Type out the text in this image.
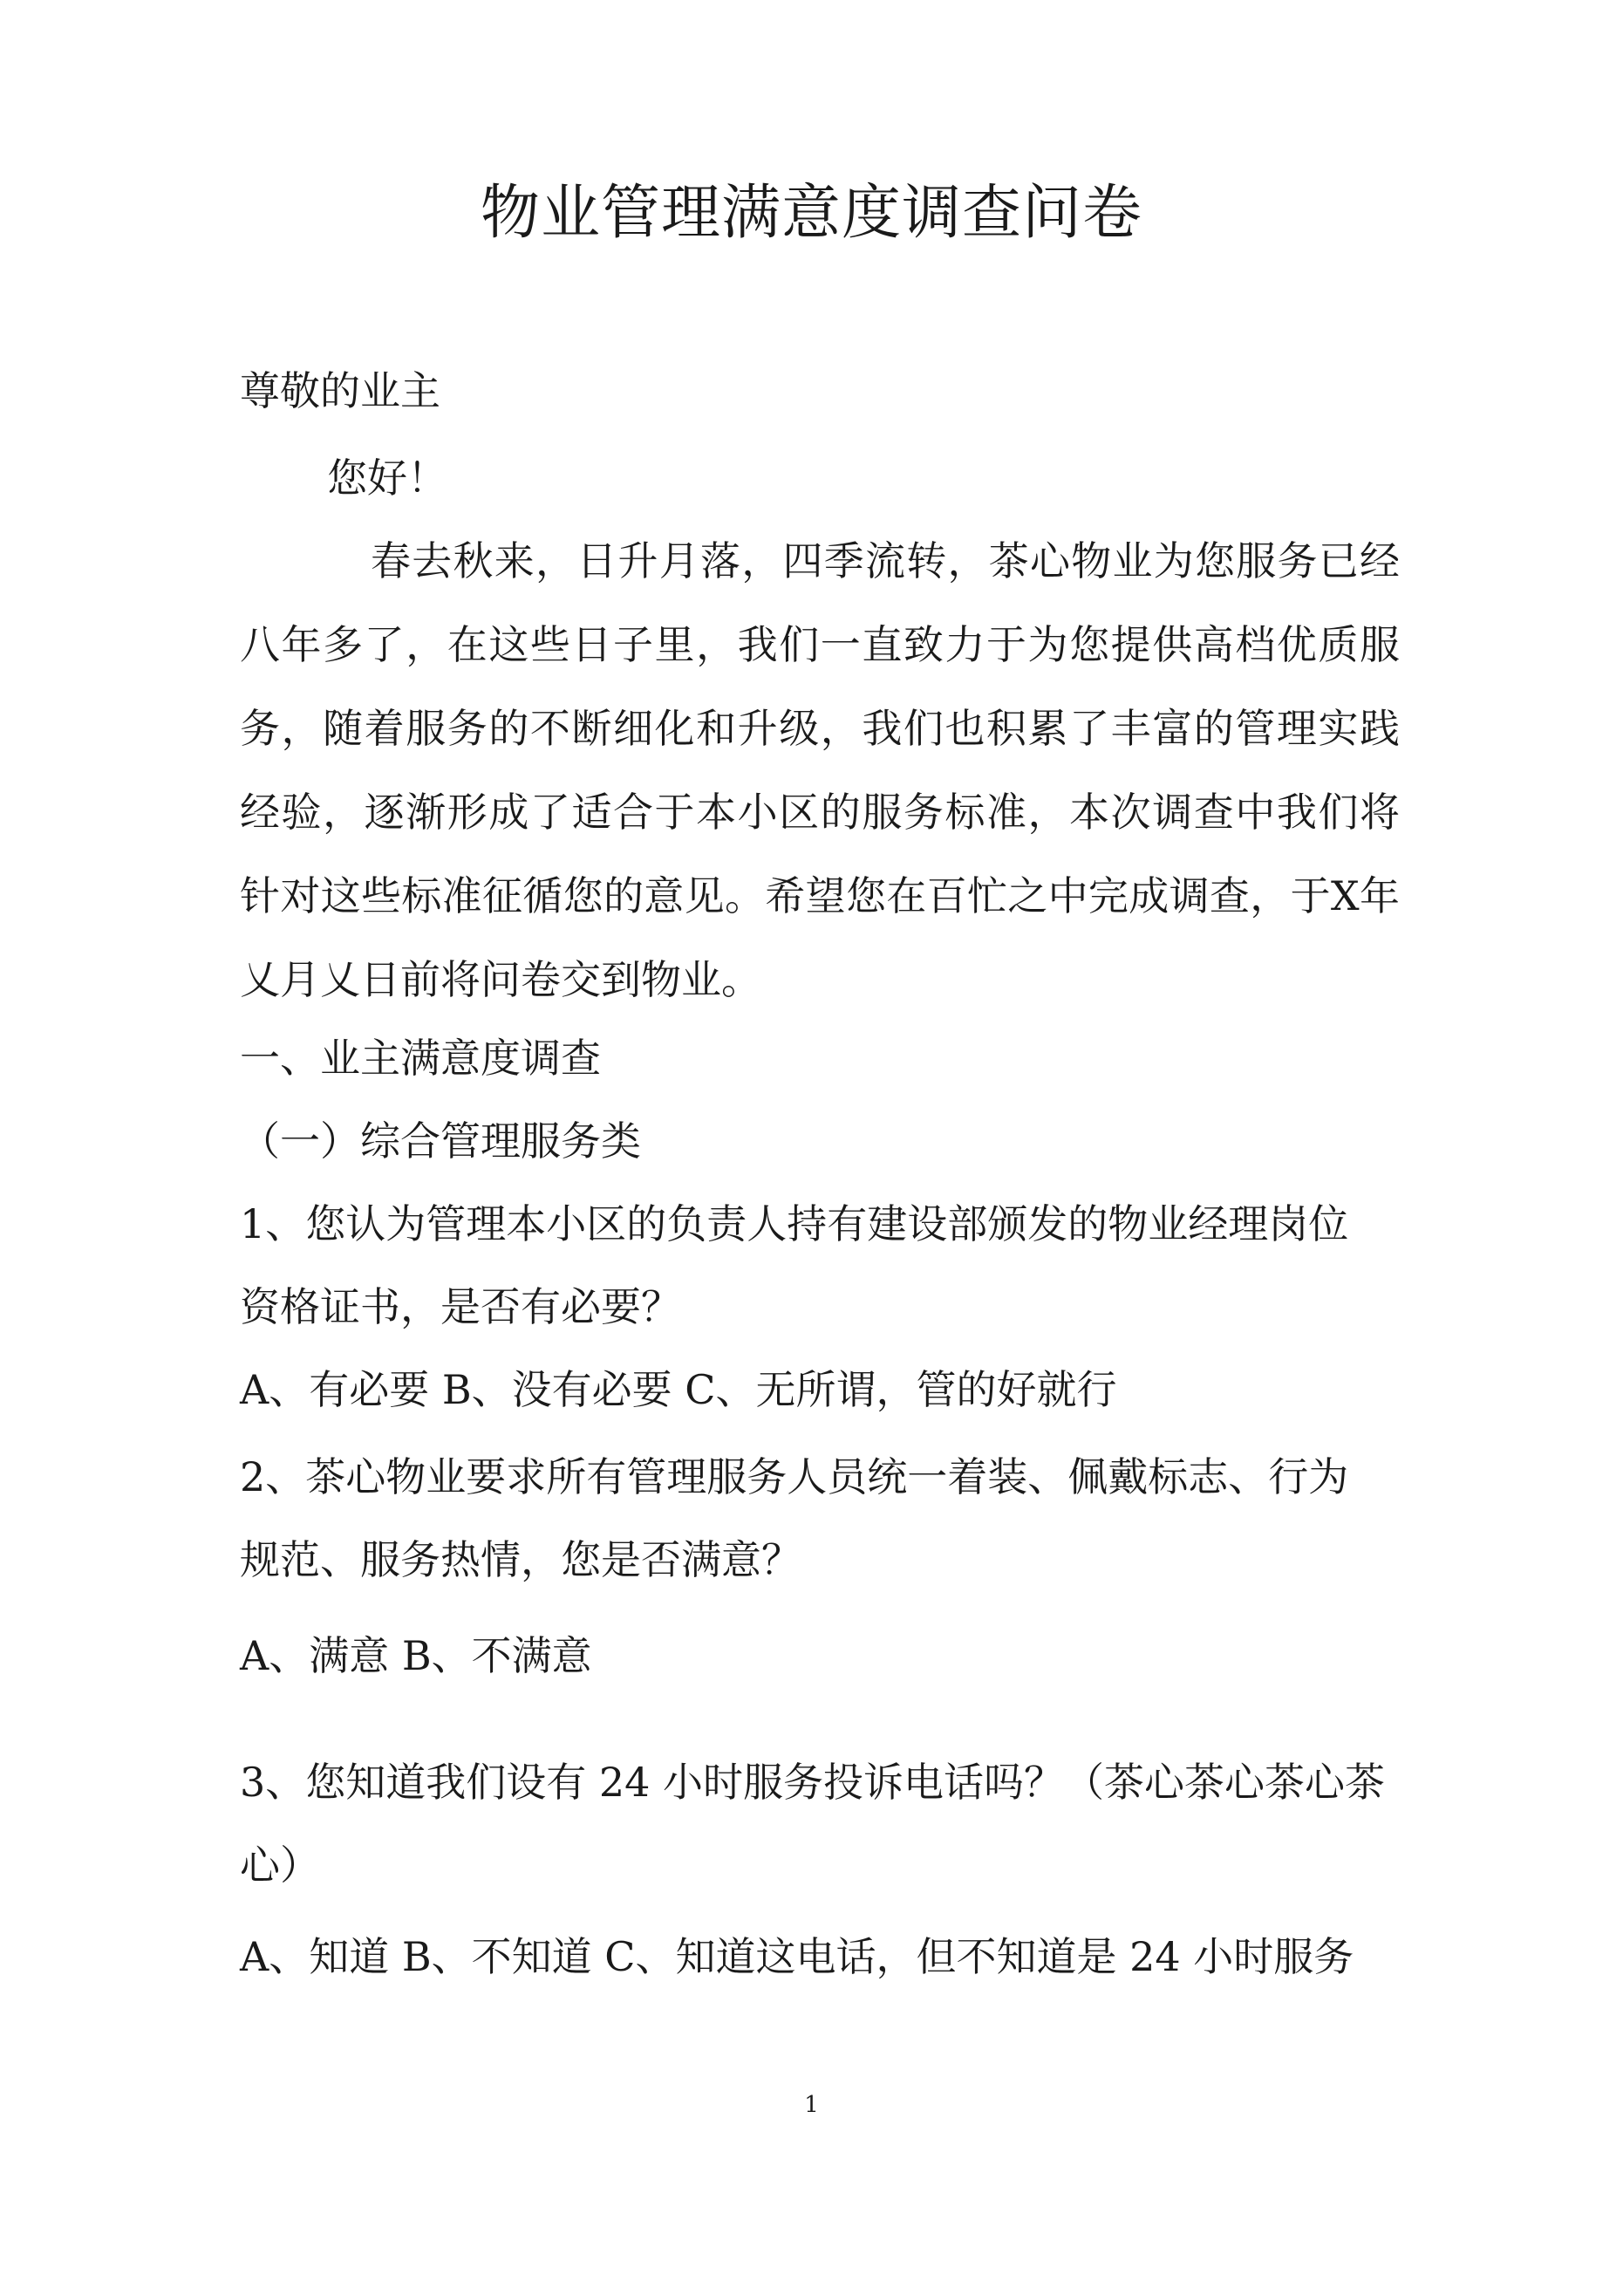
物业管理满意度调查问卷
尊敬的业主
您好！
春去秋来，日升月落，四季流转，茶心物业为您服务已经八年多了，在这些日子里，我们一直致力于为您提供高档优质服务，随着服务的不断细化和升级，我们也积累了丰富的管理实践经验，逐渐形成了适合于本小区的服务标准，本次调查中我们将针对这些标准征循您的意见。希望您在百忙之中完成调查，于X年乂月乂日前将问卷交到物业。
一、业主满意度调查
（一）综合管理服务类
1、您认为管理本小区的负责人持有建设部颁发的物业经理岗位
资格证书，是否有必要？
A、有必要 B、没有必要 C、无所谓，管的好就行
2、茶心物业要求所有管理服务人员统一着装、佩戴标志、行为
规范、服务热情，您是否满意？
A、满意 B、不满意
3、您知道我们设有 24 小时服务投诉电话吗？（茶心茶心茶心茶
心）
A、知道 B、不知道 C、知道这电话，但不知道是 24 小时服务
1
